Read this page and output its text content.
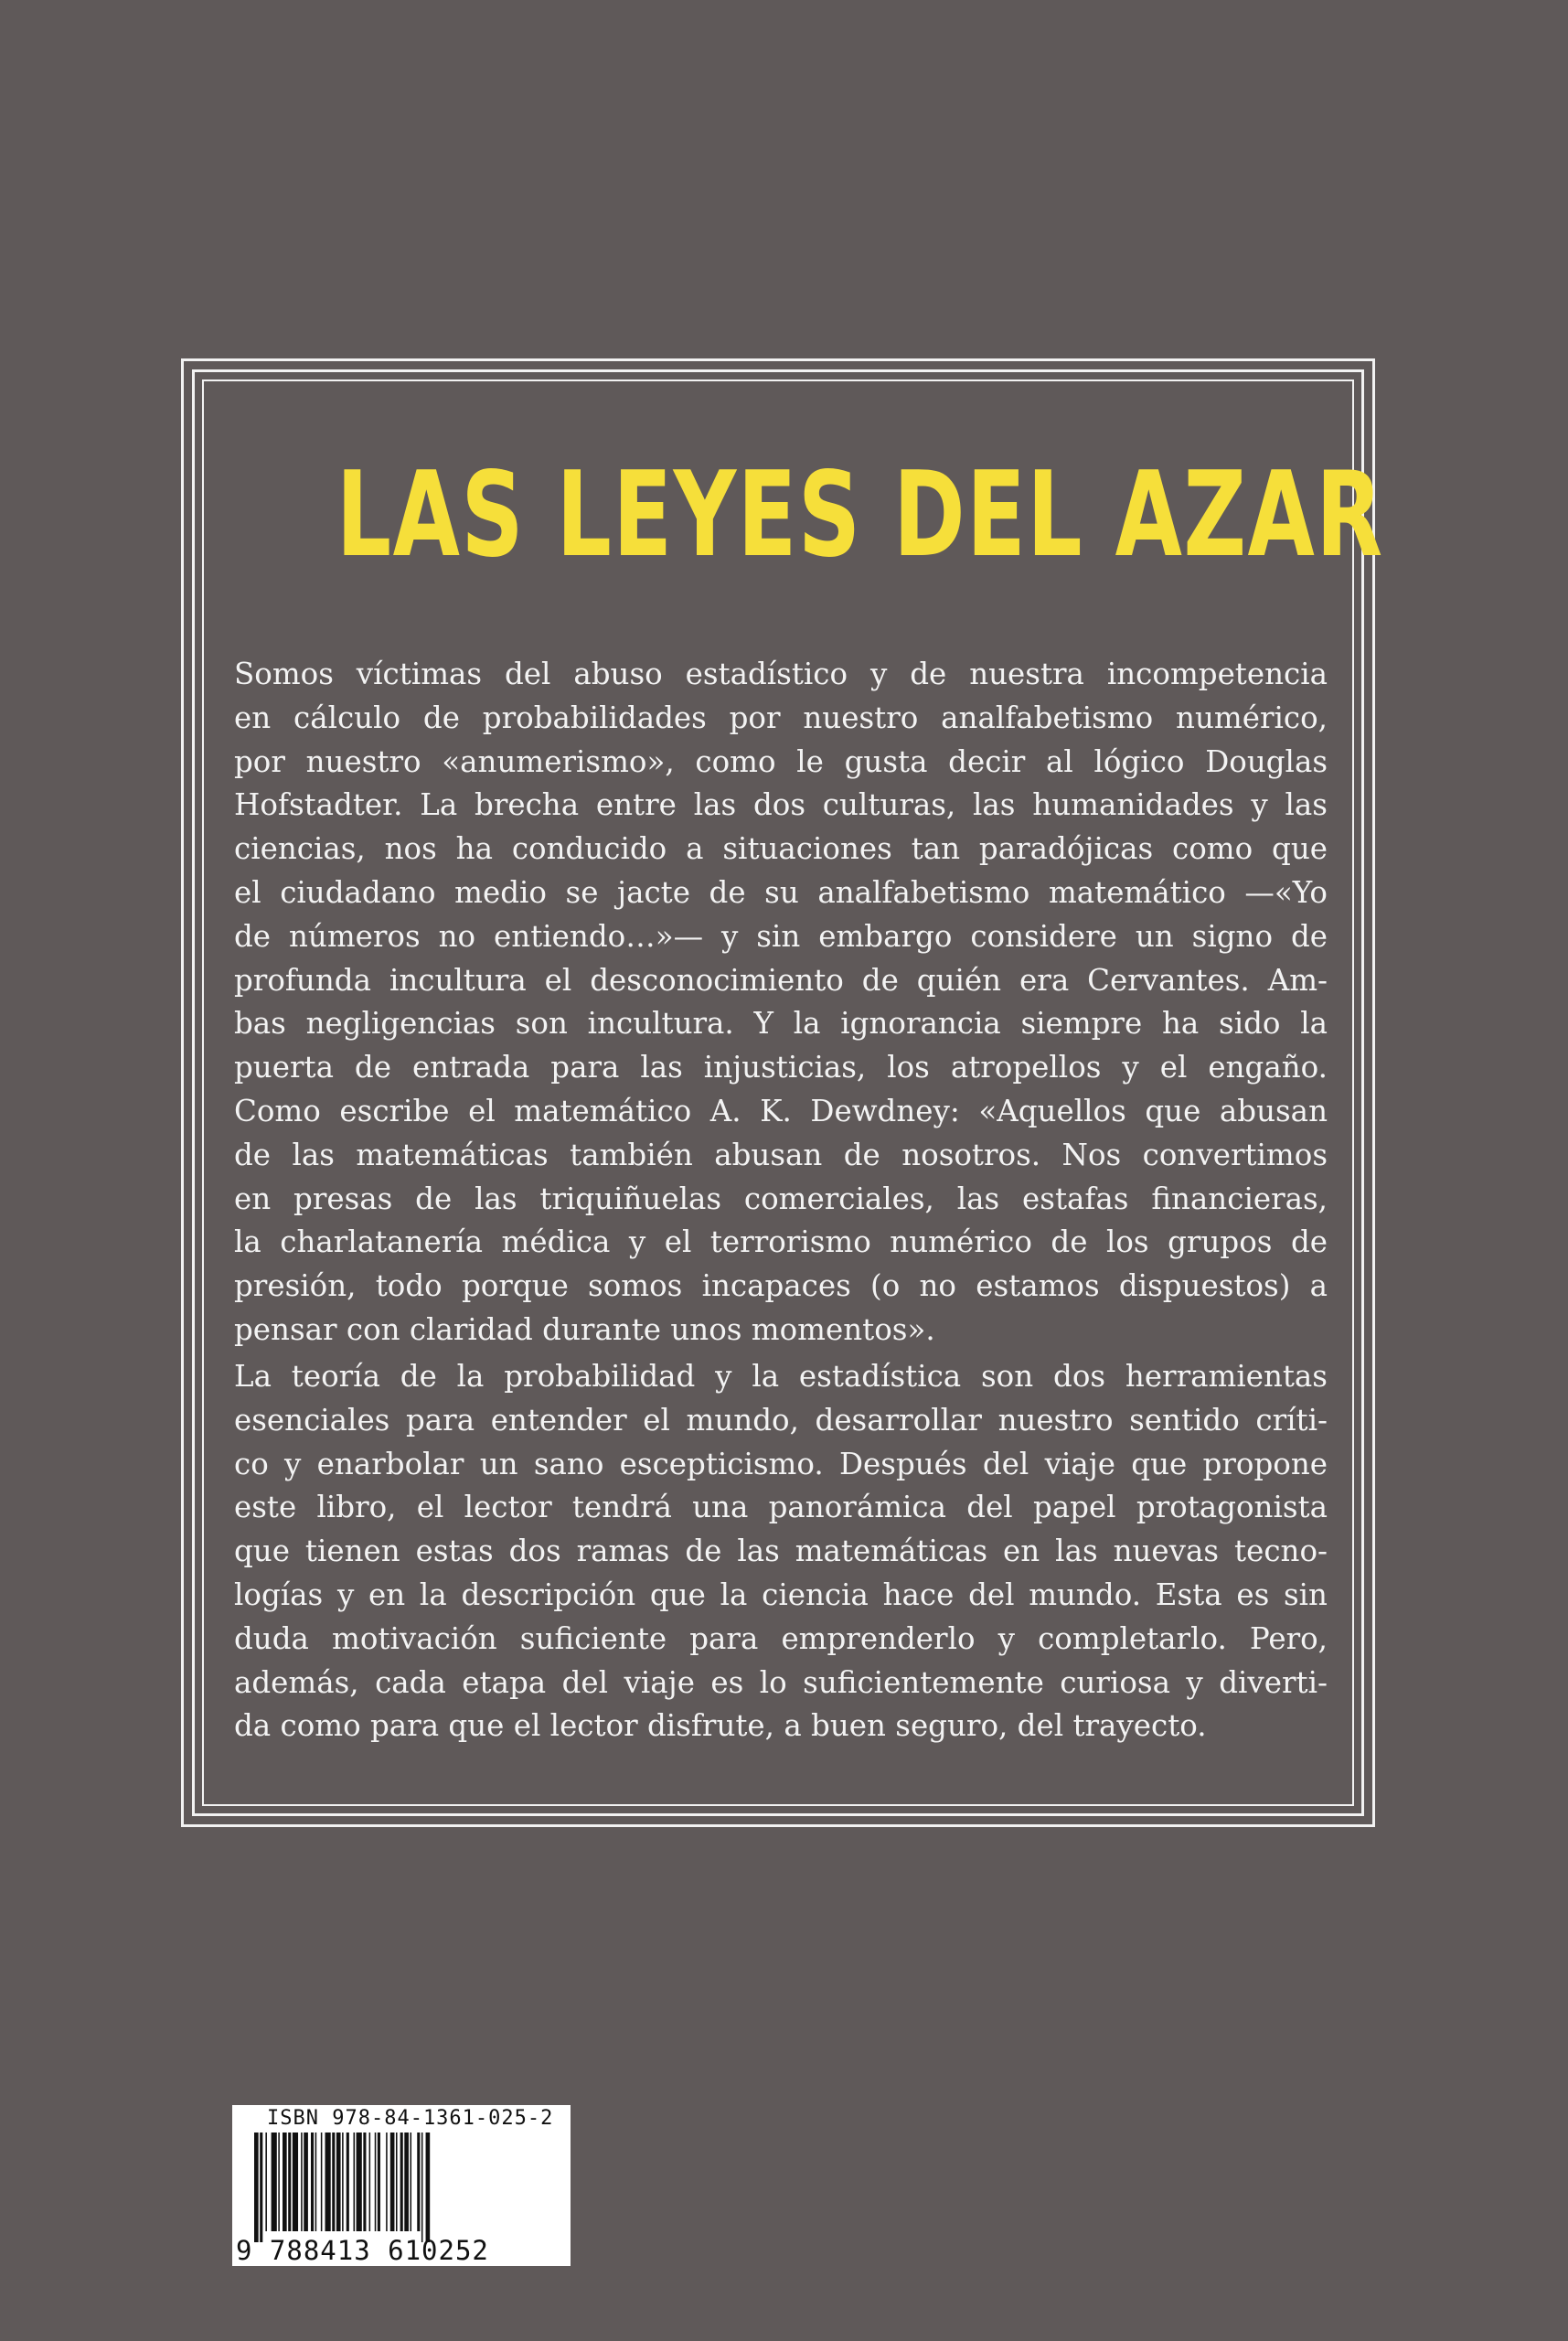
LAS LEYES DEL AZAR
Somos víctimas del abuso estadístico y de nuestra incompetencia
en cálculo de probabilidades por nuestro analfabetismo numérico,
por nuestro «anumerismo», como le gusta decir al lógico Douglas
Hofstadter. La brecha entre las dos culturas, las humanidades y las
ciencias, nos ha conducido a situaciones tan paradójicas como que
el ciudadano medio se jacte de su analfabetismo matemático —«Yo
de números no entiendo…»— y sin embargo considere un signo de
profunda incultura el desconocimiento de quién era Cervantes. Am-
bas negligencias son incultura. Y la ignorancia siempre ha sido la
puerta de entrada para las injusticias, los atropellos y el engaño.
Como escribe el matemático A. K. Dewdney: «Aquellos que abusan
de las matemáticas también abusan de nosotros. Nos convertimos
en presas de las triquiñuelas comerciales, las estafas financieras,
la charlatanería médica y el terrorismo numérico de los grupos de
presión, todo porque somos incapaces (o no estamos dispuestos) a
pensar con claridad durante unos momentos».
La teoría de la probabilidad y la estadística son dos herramientas
esenciales para entender el mundo, desarrollar nuestro sentido críti-
co y enarbolar un sano escepticismo. Después del viaje que propone
este libro, el lector tendrá una panorámica del papel protagonista
que tienen estas dos ramas de las matemáticas en las nuevas tecno-
logías y en la descripción que la ciencia hace del mundo. Esta es sin
duda motivación suficiente para emprenderlo y completarlo. Pero,
además, cada etapa del viaje es lo suficientemente curiosa y diverti-
da como para que el lector disfrute, a buen seguro, del trayecto.
ISBN 978-84-1361-025-2
9 788413 610252
